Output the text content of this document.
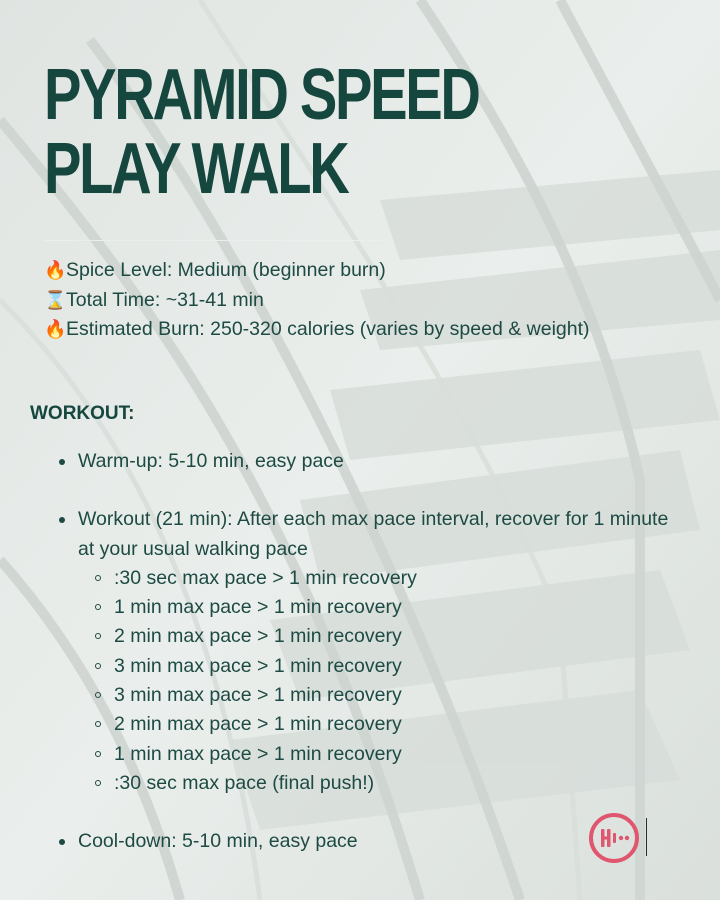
PYRAMID SPEED
PLAY WALK
🔥Spice Level: Medium (beginner burn)
⌛Total Time: ~31-41 min
🔥Estimated Burn: 250-320 calories (varies by speed & weight)
WORKOUT:
Warm-up: 5-10 min, easy pace
Workout (21 min): After each max pace interval, recover for 1 minute at your usual walking pace
:30 sec max pace > 1 min recovery
1 min max pace > 1 min recovery
2 min max pace > 1 min recovery
3 min max pace > 1 min recovery
3 min max pace > 1 min recovery
2 min max pace > 1 min recovery
1 min max pace > 1 min recovery
:30 sec max pace (final push!)
Cool-down: 5-10 min, easy pace
